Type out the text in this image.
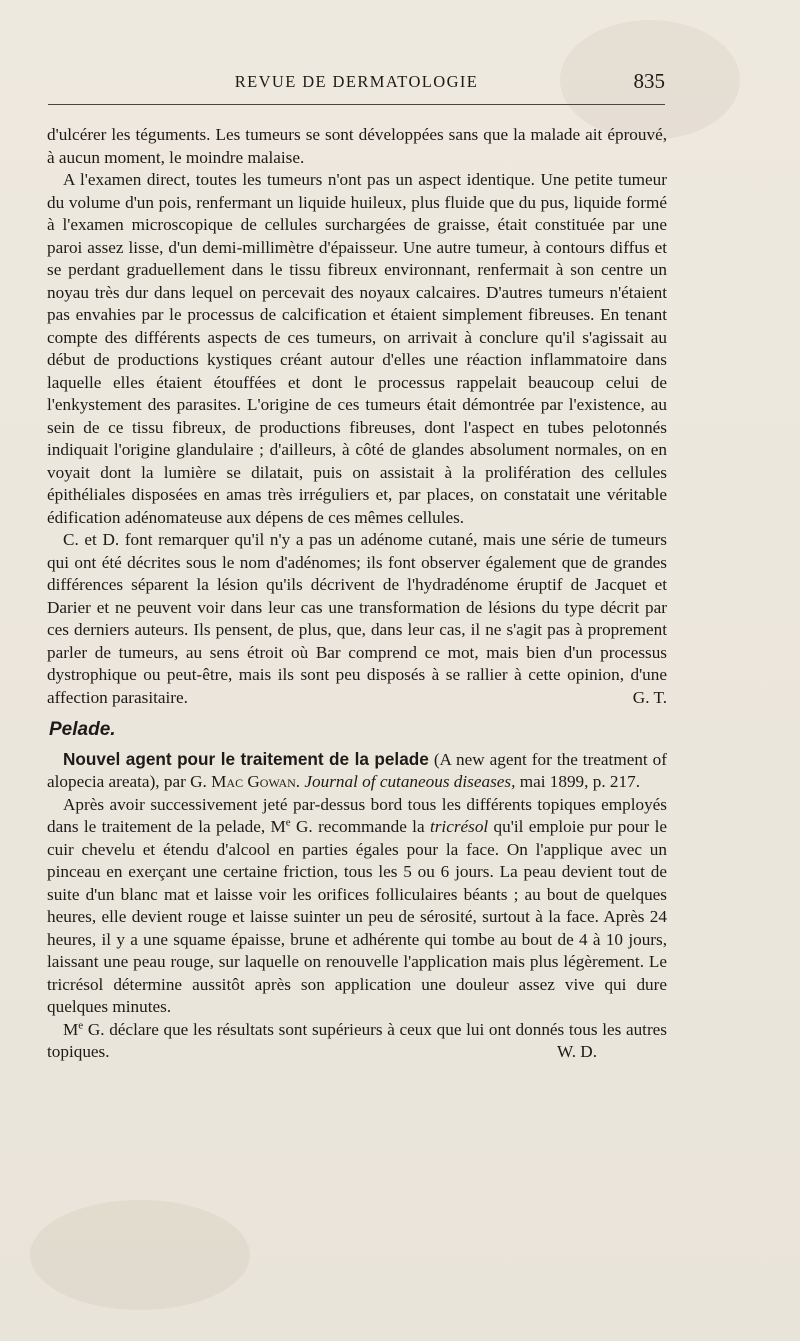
REVUE DE DERMATOLOGIE	835

d'ulcérer les téguments. Les tumeurs se sont développées sans que la malade ait éprouvé, à aucun moment, le moindre malaise.

A l'examen direct, toutes les tumeurs n'ont pas un aspect identique. Une petite tumeur du volume d'un pois, renfermant un liquide huileux, plus fluide que du pus, liquide formé à l'examen microscopique de cellules surchargées de graisse, était constituée par une paroi assez lisse, d'un demi-millimètre d'épaisseur. Une autre tumeur, à contours diffus et se perdant graduellement dans le tissu fibreux environnant, renfermait à son centre un noyau très dur dans lequel on percevait des noyaux calcaires. D'autres tumeurs n'étaient pas envahies par le processus de calcification et étaient simplement fibreuses. En tenant compte des différents aspects de ces tumeurs, on arrivait à conclure qu'il s'agissait au début de productions kystiques créant autour d'elles une réaction inflammatoire dans laquelle elles étaient étouffées et dont le processus rappelait beaucoup celui de l'enkystement des parasites. L'origine de ces tumeurs était démontrée par l'existence, au sein de ce tissu fibreux, de productions fibreuses, dont l'aspect en tubes pelotonnés indiquait l'origine glandulaire ; d'ailleurs, à côté de glandes absolument normales, on en voyait dont la lumière se dilatait, puis on assistait à la prolifération des cellules épithéliales disposées en amas très irréguliers et, par places, on constatait une véritable édification adénomateuse aux dépens de ces mêmes cellules.

C. et D. font remarquer qu'il n'y a pas un adénome cutané, mais une série de tumeurs qui ont été décrites sous le nom d'adénomes; ils font observer également que de grandes différences séparent la lésion qu'ils décrivent de l'hydradénome éruptif de Jacquet et Darier et ne peuvent voir dans leur cas une transformation de lésions du type décrit par ces derniers auteurs. Ils pensent, de plus, que, dans leur cas, il ne s'agit pas à proprement parler de tumeurs, au sens étroit où Bar comprend ce mot, mais bien d'un processus dystrophique ou peut-être, mais ils sont peu disposés à se rallier à cette opinion, d'une affection parasitaire.	G. T.

Pelade.

Nouvel agent pour le traitement de la pelade (A new agent for the treatment of alopecia areata), par G. Mac Gowan. Journal of cutaneous diseases, mai 1899, p. 217.

Après avoir successivement jeté par-dessus bord tous les différents topiques employés dans le traitement de la pelade, Me G. recommande la tricrésol qu'il emploie pur pour le cuir chevelu et étendu d'alcool en parties égales pour la face. On l'applique avec un pinceau en exerçant une certaine friction, tous les 5 ou 6 jours. La peau devient tout de suite d'un blanc mat et laisse voir les orifices folliculaires béants ; au bout de quelques heures, elle devient rouge et laisse suinter un peu de sérosité, surtout à la face. Après 24 heures, il y a une squame épaisse, brune et adhérente qui tombe au bout de 4 à 10 jours, laissant une peau rouge, sur laquelle on renouvelle l'application mais plus légèrement. Le tricrésol détermine aussitôt après son application une douleur assez vive qui dure quelques minutes.

Me G. déclare que les résultats sont supérieurs à ceux que lui ont donnés tous les autres topiques.	W. D.
